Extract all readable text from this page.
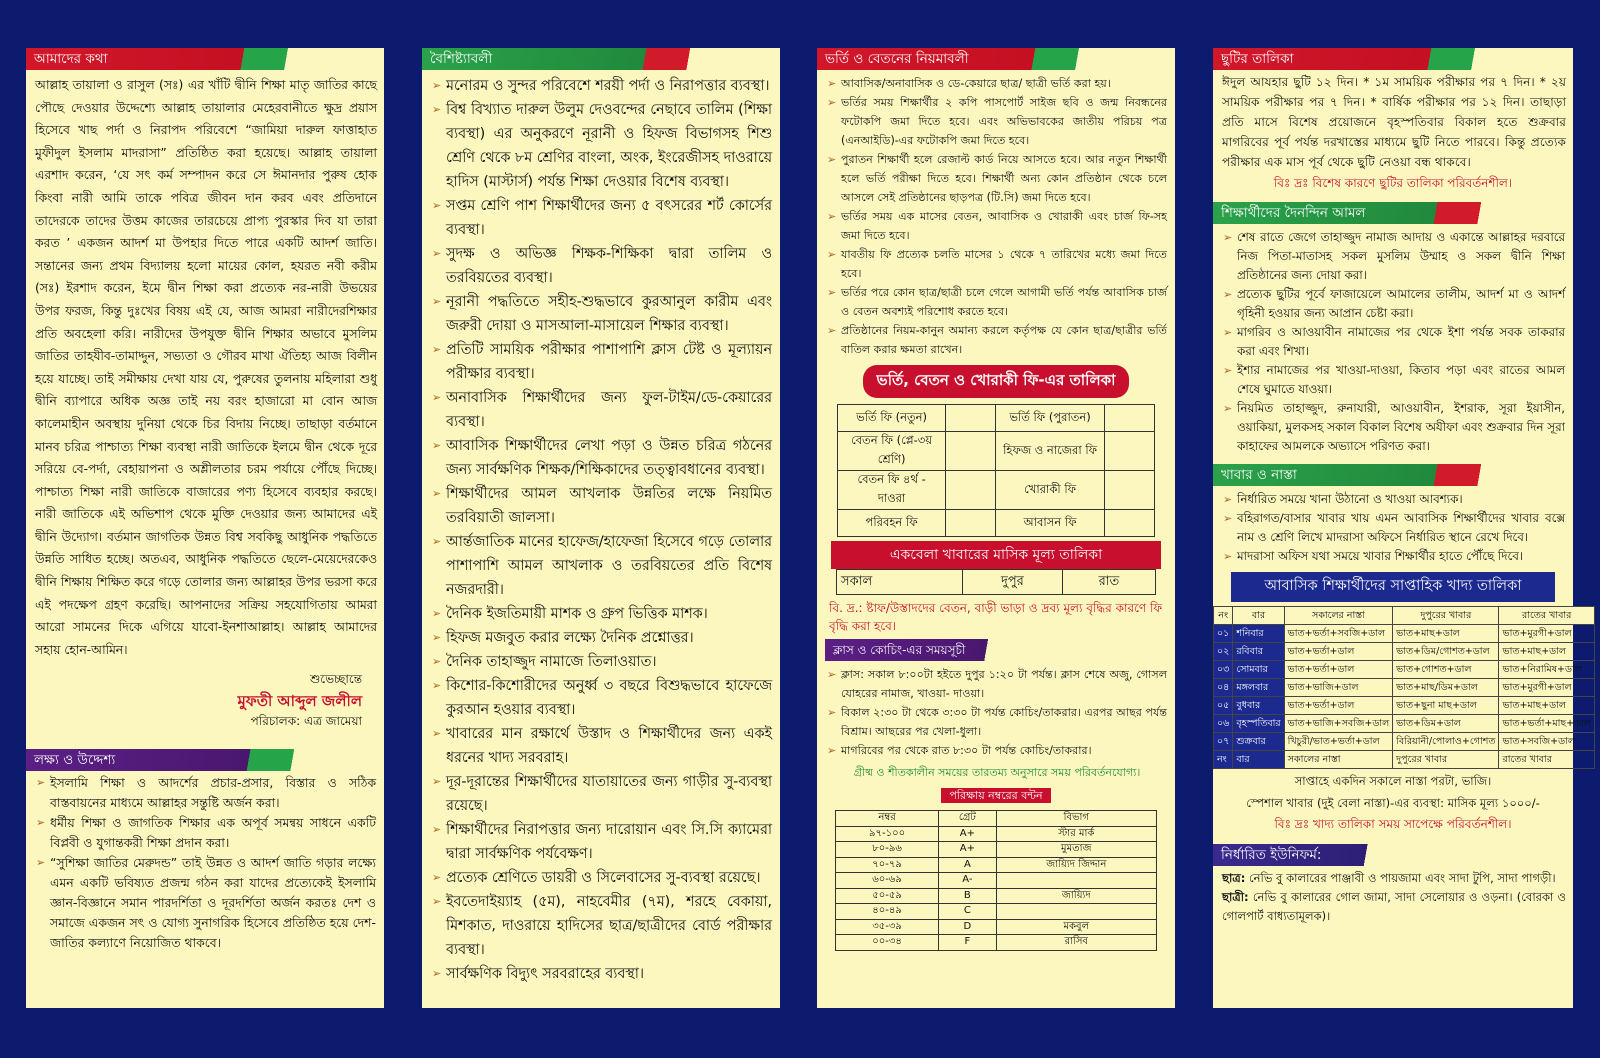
আমাদের কথা
আল্লাহ তায়ালা ও রাসুল (সঃ) এর খাঁটি দ্বীনি শিক্ষা মাতৃ জাতির কাছে পৌছে দেওয়ার উদ্দেশ্যে আল্লাহ তায়ালার মেহেরবানীতে ক্ষুদ্র প্রয়াস হিসেবে খাছ পর্দা ও নিরাপদ পরিবেশে “জামিয়া দারুল ফাত্তাহাত মুফীদুল ইসলাম মাদরাসা” প্রতিষ্ঠিত করা হয়েছে। আল্লাহ তায়ালা এরশাদ করেন, ‘যে সৎ কর্ম সম্পাদন করে সে ঈমানদার পুরুষ হোক কিংবা নারী আমি তাকে পবিত্র জীবন দান করব এবং প্রতিদানে তাদেরকে তাদের উত্তম কাজের তারচেয়ে প্রাপ্য পুরস্কার দিব যা তারা করত ’ একজন আদর্শ মা উপহার দিতে পারে একটি আদর্শ জাতি। সন্তানের জন্য প্রথম বিদ্যালয় হলো মায়ের কোল, হযরত নবী করীম (সঃ) ইরশাদ করেন, ইমে দ্বীন শিক্ষা করা প্রত্যেক নর-নারী উভয়ের উপর ফরজ, কিন্তু দুঃখের বিষয় এই যে, আজ আমরা নারীদেরশিক্ষার প্রতি অবহেলা করি। নারীদের উপযুক্ত দ্বীনি শিক্ষার অভাবে মুসলিম জাতির তাহযীব-তামাদ্দুন, সভ্যতা ও গৌরব মাখা ঐতিহ্য আজ বিলীন হয়ে যাচ্ছে। তাই সমীক্ষায় দেখা যায় যে, পুরুষের তুলনায় মহিলারা শুধু দ্বীনি ব্যাপারে অধিক অজ্ঞ তাই নয় বরং হাজারো মা বোন আজ কালেমাহীন অবস্থায় দুনিয়া থেকে চির বিদায় নিচ্ছে। তাছাড়া বর্তমানে মানব চরিত্র পাশ্চাত্য শিক্ষা ব্যবস্থা নারী জাতিকে ইলমে দ্বীন থেকে দূরে সরিয়ে বে-পর্দা, বেহায়াপনা ও অশ্লীলতার চরম পর্যায়ে পৌঁছে দিচ্ছে। পাশ্চাত্য শিক্ষা নারী জাতিকে বাজারের পণ্য হিসেবে ব্যবহার করছে। নারী জাতিকে এই অভিশাপ থেকে মুক্তি দেওয়ার জন্য আমাদের এই দ্বীনি উদ্যোগ। বর্তমান জাগতিক উন্নত বিশ্ব সবকিছু আধুনিক পদ্ধতিতে উন্নতি সাধিত হচ্ছে। অতএব, আধুনিক পদ্ধতিতে ছেলে-মেয়েদেরকেও দ্বীনি শিক্ষায় শিক্ষিত করে গড়ে তোলার জন্য আল্লাহর উপর ভরসা করে এই পদক্ষেপ গ্রহণ করেছি। আপনাদের সক্রিয় সহযোগিতায় আমরা আরো সামনের দিকে এগিয়ে যাবো-ইনশাআল্লাহ। আল্লাহ আমাদের সহায় হোন-আমিন।
শুভেচ্ছান্তে
মুফতী আব্দুল জলীল
পরিচালক: এত্র জামেয়া
লক্ষ্য ও উদ্দেশ্য
➢ ইসলামি শিক্ষা ও আদর্শের প্রচার-প্রসার, বিস্তার ও সঠিক বাস্তবায়নের মাধ্যমে আল্লাহর সন্তুষ্টি অর্জন করা।
➢ ধর্মীয় শিক্ষা ও জাগতিক শিক্ষার এক অপূর্ব সমন্বয় সাধনে একটি বিপ্লবী ও যুগান্তকরী শিক্ষা প্রদান করা।
➢ “সুশিক্ষা জাতির মেরুদন্ড” তাই উন্নত ও আদর্শ জাতি গড়ার লক্ষ্যে এমন একটি ভবিষ্যত প্রজন্ম গঠন করা যাদের প্রত্যেকেই ইসলামি জ্ঞান-বিজ্ঞানে সমান পারদর্শিতা ও দূরদর্শিতা অর্জন করতঃ দেশ ও সমাজে একজন সৎ ও যোগ্য সুনাগরিক হিসেবে প্রতিষ্ঠিত হয়ে দেশ-জাতির কল্যাণে নিয়োজিত থাকবে।
বৈশিষ্ট্যাবলী
➢ মনোরম ও সুন্দর পরিবেশে শরয়ী পর্দা ও নিরাপত্তার ব্যবস্থা।
➢ বিশ্ব বিখ্যাত দারুল উলুম দেওবন্দের নেছাবে তালিম (শিক্ষা ব্যবস্থা) এর অনুকরণে নূরানী ও হিফজ বিভাগসহ শিশু শ্রেণি থেকে ৮ম শ্রেণির বাংলা, অংক, ইংরেজীসহ দাওরায়ে হাদিস (মাস্টার্স) পর্যন্ত শিক্ষা দেওয়ার বিশেষ ব্যবস্থা।
➢ সপ্তম শ্রেণি পাশ শিক্ষার্থীদের জন্য ৫ বৎসরের শর্ট কোর্সের ব্যবস্থা।
➢ সুদক্ষ ও অভিজ্ঞ শিক্ষক-শিক্ষিকা দ্বারা তালিম ও তরবিয়তের ব্যবস্থা।
➢ নূরানী পদ্ধতিতে সহীহ-শুদ্ধভাবে কুরআনুল কারীম এবং জরুরী দোয়া ও মাসআলা-মাসায়েল শিক্ষার ব্যবস্থা।
➢ প্রতিটি সাময়িক পরীক্ষার পাশাপাশি ক্লাস টেষ্ট ও মূল্যায়ন পরীক্ষার ব্যবস্থা।
➢ অনাবাসিক শিক্ষার্থীদের জন্য ফুল-টাইম/ডে-কেয়ারের ব্যবস্থা।
➢ আবাসিক শিক্ষার্থীদের লেখা পড়া ও উন্নত চরিত্র গঠনের জন্য সার্বক্ষণিক শিক্ষক/শিক্ষিকাদের তত্ত্বাবধানের ব্যবস্থা।
➢ শিক্ষার্থীদের আমল আখলাক উন্নতির লক্ষে নিয়মিত তরবিয়াতী জালসা।
➢ আর্ন্তজাতিক মানের হাফেজ/হাফেজা হিসেবে গড়ে তোলার পাশাপাশি আমল আখলাক ও তরবিয়তের প্রতি বিশেষ নজরদারী।
➢ দৈনিক ইজতিমায়ী মাশক ও গ্রুপ ভিত্তিক মাশক।
➢ হিফজ মজবুত করার লক্ষ্যে দৈনিক প্রশ্নোত্তর।
➢ দৈনিক তাহাজ্জুদ নামাজে তিলাওয়াত।
➢ কিশোর-কিশোরীদের অনুর্ধ্ব ৩ বছরে বিশুদ্ধভাবে হাফেজে কুরআন হওয়ার ব্যবস্থা।
➢ খাবারের মান রক্ষার্থে উস্তাদ ও শিক্ষার্থীদের জন্য একই ধরনের খাদ্য সরবরাহ।
➢ দূর-দূরান্তের শিক্ষার্থীদের যাতায়াতের জন্য গাড়ীর সু-ব্যবস্থা রয়েছে।
➢ শিক্ষার্থীদের নিরাপত্তার জন্য দারোয়ান এবং সি.সি ক্যামেরা দ্বারা সার্বক্ষণিক পর্যবেক্ষণ।
➢ প্রত্যেক শ্রেণিতে ডায়রী ও সিলেবাসের সু-ব্যবস্থা রয়েছে।
➢ ইবতেদাইয়্যাহ (৫ম), নাহবেমীর (৭ম), শরহে বেকায়া, মিশকাত, দাওরায়ে হাদিসের ছাত্র/ছাত্রীদের বোর্ড পরীক্ষার ব্যবস্থা।
➢ সার্বক্ষণিক বিদ্যুৎ সরবরাহের ব্যবস্থা।
ভর্তি ও বেতনের নিয়মাবলী
➢ আবাসিক/অনাবাসিক ও ডে-কেয়ারে ছাত্র/ ছাত্রী ভর্তি করা হয়।
➢ ভর্তির সময় শিক্ষার্থীর ২ কপি পাসপোর্ট সাইজ ছবি ও জন্ম নিবন্ধনের ফটোকপি জমা দিতে হবে। এবং অভিভাবকের জাতীয় পরিচয় পত্র (এনআইডি)-এর ফটোকপি জমা দিতে হবে।
➢ পুরাতন শিক্ষার্থী হলে রেজাল্ট কার্ড নিয়ে আসতে হবে। আর নতুন শিক্ষার্থী হলে ভর্তি পরীক্ষা দিতে হবে। শিক্ষার্থী অন্য কোন প্রতিষ্ঠান থেকে চলে আসলে সেই প্রতিষ্ঠানের ছাড়পত্র (টি.সি) জমা দিতে হবে।
➢ ভর্তির সময় এক মাসের বেতন, আবাসিক ও খোরাকী এবং চার্জ ফি-সহ জমা দিতে হবে।
➢ যাবতীয় ফি প্রত্যেক চলতি মাসের ১ থেকে ৭ তারিখের মধ্যে জমা দিতে হবে।
➢ ভর্তির পরে কোন ছাত্র/ছাত্রী চলে গেলে আগামী ভর্তি পর্যন্ত আবাসিক চার্জ ও বেতন অবশ্যই পরিশোধ করতে হবে।
➢ প্রতিষ্ঠানের নিয়ম-কানুন অমান্য করলে কর্তৃপক্ষ যে কোন ছাত্র/ছাত্রীর ভর্তি বাতিল করার ক্ষমতা রাখেন।
ভর্তি, বেতন ও খোরাকী ফি-এর তালিকা
ভর্তি ফি (নতুন)		ভর্তি ফি (পুরাতন)	
বেতন ফি (প্লে-৩য় শ্রেণি)		হিফজ ও নাজেরা ফি	
বেতন ফি ৪র্থ - দাওরা		খোরাকী ফি	
পরিবহন ফি		আবাসন ফি	
একবেলা খাবারের মাসিক মূল্য তালিকা
সকাল	দুপুর	রাত
বি. দ্র.: ষ্টাফ/উস্তাদদের বেতন, বাড়ী ভাড়া ও দ্রব্য মূল্য বৃদ্ধির কারণে ফি বৃদ্ধি করা হবে।
ক্লাস ও কোচিং-এর সময়সূচী
➢ ক্লাস: সকাল ৮:০০টা হইতে দুপুর ১:২০ টা পর্যন্ত। ক্লাস শেষে অজু, গোসল যোহরের নামাজ, খাওয়া- দাওয়া।
➢ বিকাল ২:৩০ টা থেকে ৩:৩০ টা পর্যন্ত কোচিং/তাকরার। এরপর আছর পর্যন্ত বিশ্রাম। আছরের পর খেলা-ধুলা।
➢ মাগরিবের পর থেকে রাত ৮:৩০ টা পর্যন্ত কোচিং/তাকরার।
গ্রীষ্ম ও শীতকালীন সময়ের তারতম্য অনুসারে সময় পরিবর্তনযোগ্য।
পরিক্ষায় নম্বরের বন্টন
নম্বর	গ্রেট	বিভাগ
৯৭-১০০	A+	স্টার মার্ক
৮০-৯৬	A+	মুমতাজ
৭০-৭৯	A	জায়্যিদ জিদ্দান
৬০-৬৯	A-	
৫০-৫৯	B	জায়্যিদ
৪০-৪৯	C	
৩৫-৩৯	D	মকবুল
০০-৩৪	F	রাসিব
ছুটির তালিকা
ঈদুল আযহার ছুটি ১২ দিন। * ১ম সাময়িক পরীক্ষার পর ৭ দিন। * ২য় সাময়িক পরীক্ষার পর ৭ দিন। * বার্ষিক পরীক্ষার পর ১২ দিন। তাছাড়া প্রতি মাসে বিশেষ প্রয়োজনে বৃহস্পতিবার বিকাল হতে শুক্রবার মাগরিবের পূর্ব পর্যন্ত দরখাস্তের মাধ্যমে ছুটি নিতে পারবে। কিন্তু প্রত্যেক পরীক্ষার এক মাস পূর্ব থেকে ছুটি নেওয়া বন্ধ থাকবে।
বিঃ দ্রঃ বিশেষ কারণে ছুটির তালিকা পরিবর্তনশীল।
শিক্ষার্থীদের দৈনন্দিন আমল
➢ শেষ রাতে জেগে তাহাজ্জুদ নামাজ আদায় ও একান্তে আল্লাহর দরবারে নিজ পিতা-মাতাসহ সকল মুসলিম উম্মাহ ও সকল দ্বীনি শিক্ষা প্রতিষ্ঠানের জন্য দোয়া করা।
➢ প্রত্যেক ছুটির পূর্বে ফাজায়েলে আমালের তালীম, আদর্শ মা ও আদর্শ গৃহিনী হওয়ার জন্য আপ্রান চেষ্টা করা।
➢ মাগরিব ও আওয়াবীন নামাজের পর থেকে ইশা পর্যন্ত সবক তাকরার করা এবং শিখা।
➢ ইশার নামাজের পর খাওয়া-দাওয়া, কিতাব পড়া এবং রাতের আমল শেষে ঘুমাতে যাওয়া।
➢ নিয়মিত তাহাজ্জুদ, রুনাযারী, আওয়াবীন, ইশরাক, সূরা ইয়াসীন, ওয়াকিয়া, মুলকসহ সকাল বিকাল বিশেষ অযীফা এবং শুক্রবার দিন সূরা কাহাফের আমলকে অভ্যাসে পরিণত করা।
খাবার ও নাস্তা
➢ নির্ধারিত সময়ে খানা উঠানো ও খাওয়া আবশ্যক।
➢ বহিরাগত/বাসার খাবার খায় এমন আবাসিক শিক্ষার্থীদের খাবার বক্সে নাম ও শ্রেণি লিখে মাদরাসা অফিসে নির্ধারিত স্থানে রেখে দিবে।
➢ মাদরাসা অফিস যথা সময়ে খাবার শিক্ষার্থীর হাতে পৌঁছে দিবে।
আবাসিক শিক্ষার্থীদের সাপ্তাহিক খাদ্য তালিকা
নং	বার	সকালের নাস্তা	দুপুরের খাবার	রাতের খাবার
০১	শনিবার	ভাত+ভর্তা+সবজি+ডাল	ভাত+মাছ+ডাল	ভাত+মুরগী+ডাল
০২	রবিবার	ভাত+ভর্তা+ডাল	ভাত+ডিম/গোশত+ডাল	ভাত+মাছ+ডাল
০৩	সোমবার	ভাত+ভর্তা+ডাল	ভাত+গোশত+ডাল	ভাত+নিরামিষ+ডাল
০৪	মঙ্গলবার	ভাত+ভাজি+ডাল	ভাত+মাছ/ডিম+ডাল	ভাত+মুরগী+ডাল
০৫	বুধবার	ভাত+ভর্তা+ডাল	ভাত+ছুনা মাছ+ডাল	ভাত+মাছ+ডাল
০৬	বৃহস্পতিবার	ভাত+ভাজি+সবজি+ডাল	ভাত+ডিম+ডাল	ভাত+ভর্তা+মাছ+ডাল
০৭	শুক্রবার	খিচুরী/ভাত+ভর্তা+ডাল	বিরিয়ানী/পোলাও+গোশত	ভাত+সবজি+ডাল
নং	বার	সকালের নাস্তা	দুপুরের খাবার	রাতের খাবার
সাপ্তাহে একদিন সকালে নাস্তা পরটা, ভাজি।
স্পেশাল খাবার (দুই বেলা নাস্তা)-এর ব্যবস্থা: মাসিক মূল্য ১০০০/-
বিঃ দ্রঃ খাদ্য তালিকা সময় সাপেক্ষে পরিবর্তনশীল।
নির্ধারিত ইউনিফর্ম:
ছাত্র: নেভি বু কালারের পাঞ্জাবী ও পায়জামা এবং সাদা টুপি, সাদা পাগড়ী।
ছাত্রী: নেভি বু কালারের গোল জামা, সাদা সেলোয়ার ও ওড়না। (বোরকা ও গোলপার্ট বাধ্যতামূলক)।
